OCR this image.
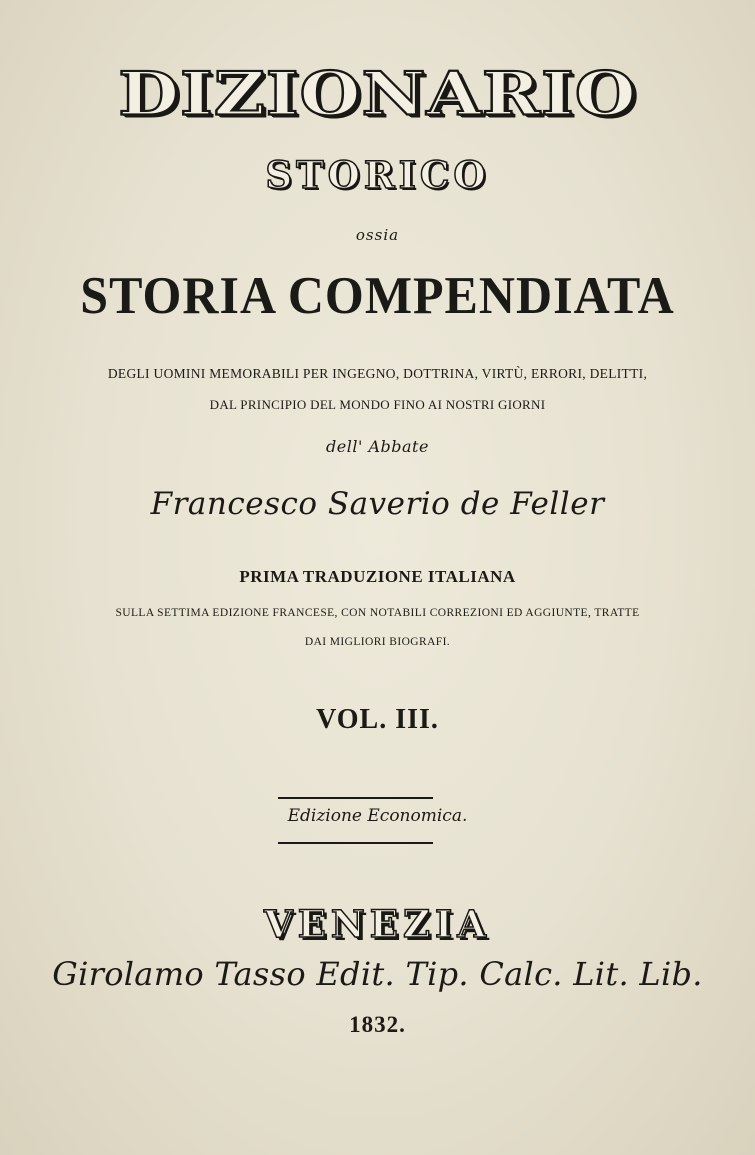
DIZIONARIO
STORICO
ossia
STORIA COMPENDIATA
DEGLI UOMINI MEMORABILI PER INGEGNO, DOTTRINA, VIRTÙ, ERRORI, DELITTI,
DAL PRINCIPIO DEL MONDO FINO AI NOSTRI GIORNI
dell' Abbate
Francesco Saverio de Feller
PRIMA TRADUZIONE ITALIANA
SULLA SETTIMA EDIZIONE FRANCESE, CON NOTABILI CORREZIONI ED AGGIUNTE, TRATTE
DAI MIGLIORI BIOGRAFI.
VOL. III.
Edizione Economica.
VENEZIA
Girolamo Tasso Edit. Tip. Calc. Lit. Lib.
1832.
